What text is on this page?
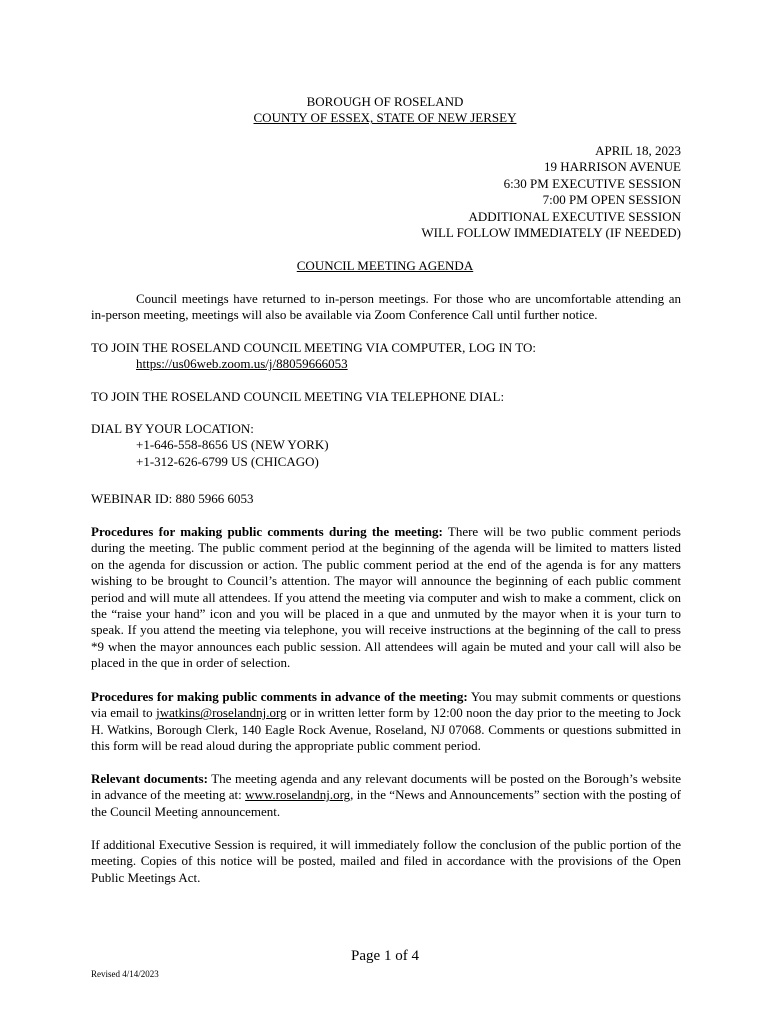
BOROUGH OF ROSELAND
COUNTY OF ESSEX, STATE OF NEW JERSEY
APRIL 18, 2023
19 HARRISON AVENUE
6:30 PM EXECUTIVE SESSION
7:00 PM OPEN SESSION
ADDITIONAL EXECUTIVE SESSION
WILL FOLLOW IMMEDIATELY (IF NEEDED)
COUNCIL MEETING AGENDA
Council meetings have returned to in-person meetings. For those who are uncomfortable attending an in-person meeting, meetings will also be available via Zoom Conference Call until further notice.
TO JOIN THE ROSELAND COUNCIL MEETING VIA COMPUTER, LOG IN TO:
https://us06web.zoom.us/j/88059666053
TO JOIN THE ROSELAND COUNCIL MEETING VIA TELEPHONE DIAL:
DIAL BY YOUR LOCATION:
+1-646-558-8656 US (NEW YORK)
+1-312-626-6799 US (CHICAGO)
WEBINAR ID: 880 5966 6053
Procedures for making public comments during the meeting: There will be two public comment periods during the meeting. The public comment period at the beginning of the agenda will be limited to matters listed on the agenda for discussion or action. The public comment period at the end of the agenda is for any matters wishing to be brought to Council’s attention. The mayor will announce the beginning of each public comment period and will mute all attendees. If you attend the meeting via computer and wish to make a comment, click on the “raise your hand” icon and you will be placed in a que and unmuted by the mayor when it is your turn to speak. If you attend the meeting via telephone, you will receive instructions at the beginning of the call to press *9 when the mayor announces each public session. All attendees will again be muted and your call will also be placed in the que in order of selection.
Procedures for making public comments in advance of the meeting: You may submit comments or questions via email to jwatkins@roselandnj.org or in written letter form by 12:00 noon the day prior to the meeting to Jock H. Watkins, Borough Clerk, 140 Eagle Rock Avenue, Roseland, NJ 07068. Comments or questions submitted in this form will be read aloud during the appropriate public comment period.
Relevant documents: The meeting agenda and any relevant documents will be posted on the Borough’s website in advance of the meeting at: www.roselandnj.org, in the “News and Announcements” section with the posting of the Council Meeting announcement.
If additional Executive Session is required, it will immediately follow the conclusion of the public portion of the meeting. Copies of this notice will be posted, mailed and filed in accordance with the provisions of the Open Public Meetings Act.
Page 1 of 4
Revised 4/14/2023
